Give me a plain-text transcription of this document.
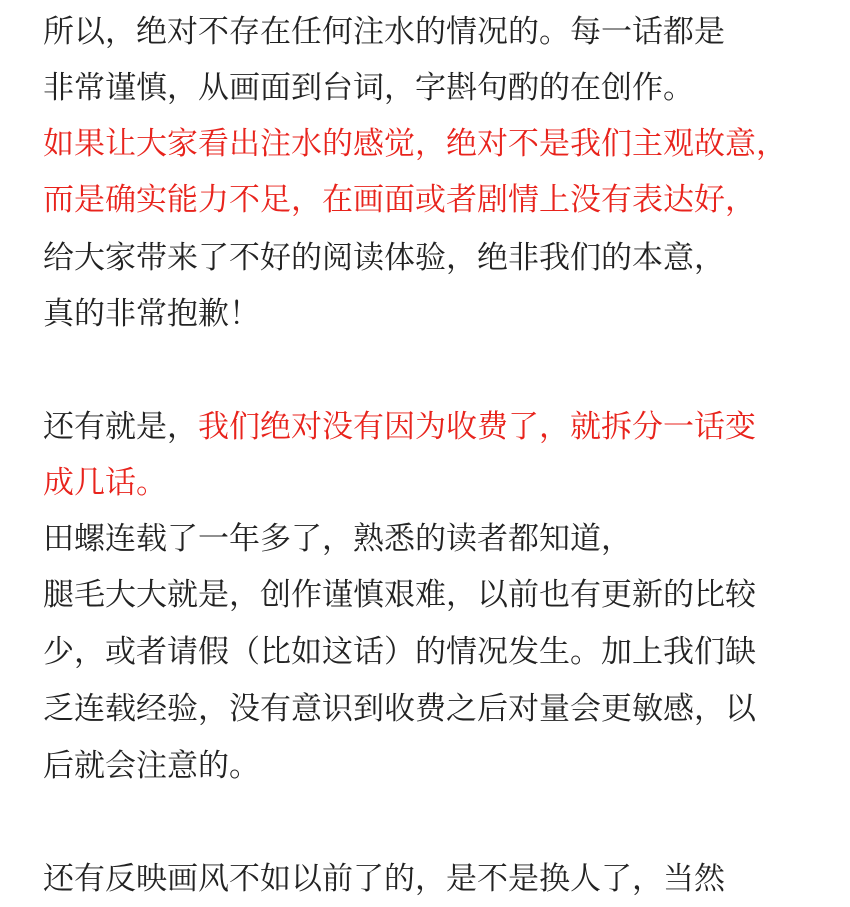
所以，绝对不存在任何注水的情况的。每一话都是
非常谨慎，从画面到台词，字斟句酌的在创作。
如果让大家看出注水的感觉，绝对不是我们主观故意，
而是确实能力不足，在画面或者剧情上没有表达好，
给大家带来了不好的阅读体验，绝非我们的本意，
真的非常抱歉！
还有就是，我们绝对没有因为收费了，就拆分一话变
成几话。
田螺连载了一年多了，熟悉的读者都知道，
腿毛大大就是，创作谨慎艰难，以前也有更新的比较
少，或者请假（比如这话）的情况发生。加上我们缺
乏连载经验，没有意识到收费之后对量会更敏感，以
后就会注意的。
还有反映画风不如以前了的，是不是换人了，当然
